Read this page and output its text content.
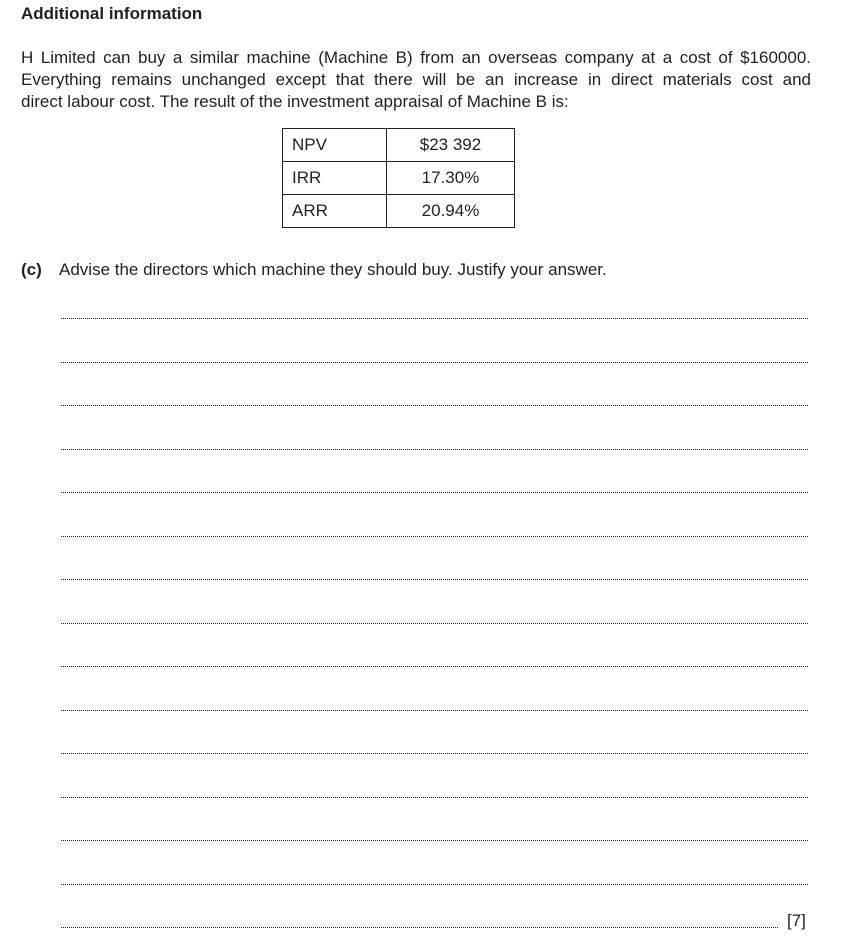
Additional information

H Limited can buy a similar machine (Machine B) from an overseas company at a cost of $160000.
Everything remains unchanged except that there will be an increase in direct materials cost and
direct labour cost. The result of the investment appraisal of Machine B is:

NPV	$23 392
IRR	17.30%
ARR	20.94%

(c) Advise the directors which machine they should buy. Justify your answer.

[7]
